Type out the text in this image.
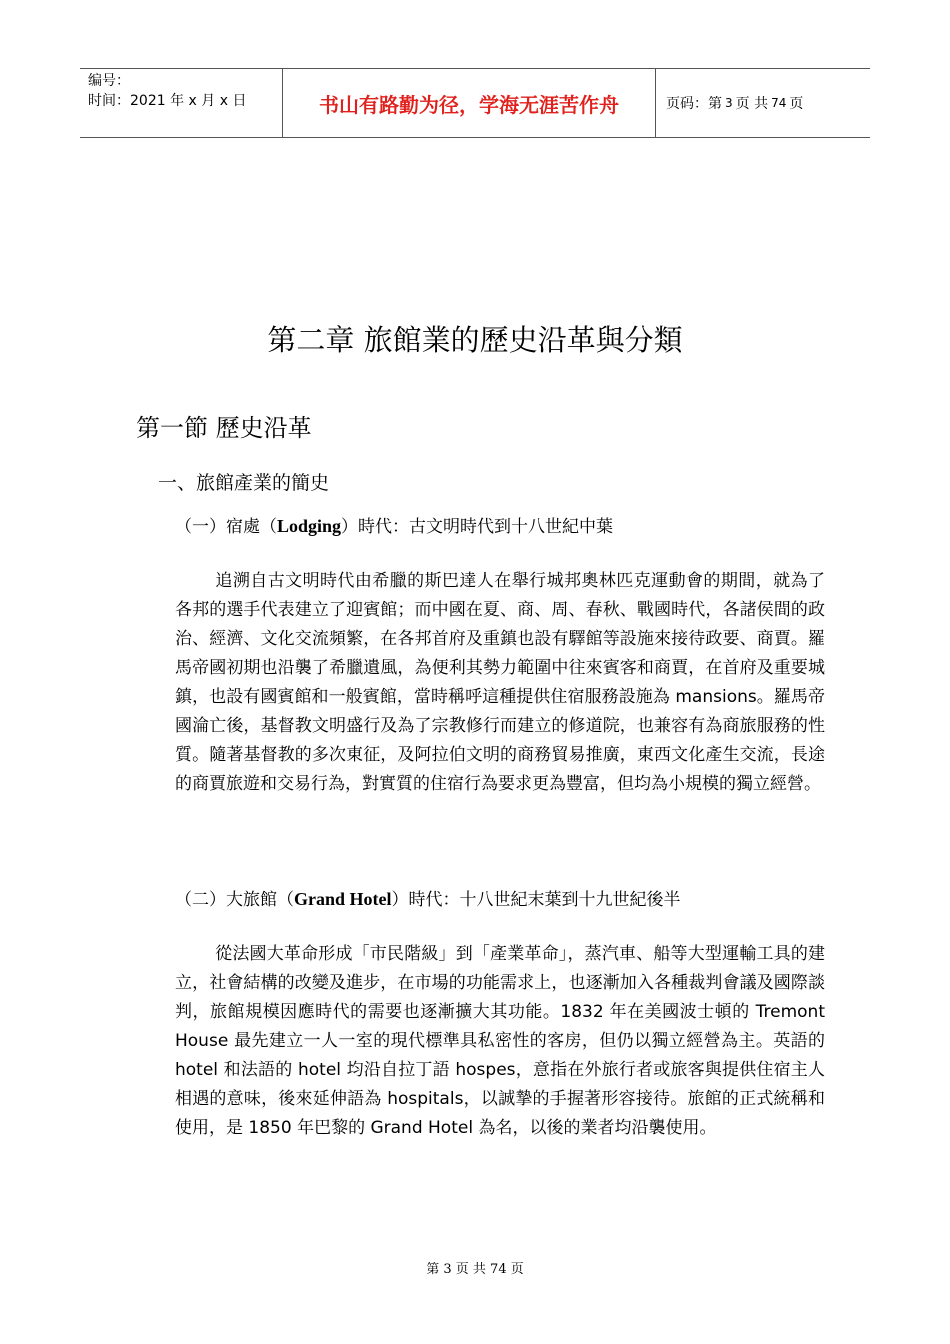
编号：
时间：2021 年 x 月 x 日	书山有路勤为径，学海无涯苦作舟	页码：第 3 页 共 74 页
第二章 旅館業的歷史沿革與分類
第一節 歷史沿革
一、旅館產業的簡史
（一）宿處（Lodging）時代：古文明時代到十八世紀中葉

追溯自古文明時代由希臘的斯巴達人在舉行城邦奧林匹克運動會的期間，就為了各邦的選手代表建立了迎賓館；而中國在夏、商、周、春秋、戰國時代，各諸侯間的政治、經濟、文化交流頻繁，在各邦首府及重鎮也設有驛館等設施來接待政要、商賈。羅馬帝國初期也沿襲了希臘遺風，為便利其勢力範圍中往來賓客和商賈，在首府及重要城鎮，也設有國賓館和一般賓館，當時稱呼這種提供住宿服務設施為 mansions。羅馬帝國淪亡後，基督教文明盛行及為了宗教修行而建立的修道院，也兼容有為商旅服務的性質。隨著基督教的多次東征，及阿拉伯文明的商務貿易推廣，東西文化產生交流，長途的商賈旅遊和交易行為，對實質的住宿行為要求更為豐富，但均為小規模的獨立經營。

（二）大旅館（Grand Hotel）時代：十八世紀末葉到十九世紀後半

從法國大革命形成「市民階級」到「產業革命」，蒸汽車、船等大型運輸工具的建立，社會結構的改變及進步，在市場的功能需求上，也逐漸加入各種裁判會議及國際談判，旅館規模因應時代的需要也逐漸擴大其功能。1832 年在美國波士頓的 Tremont House 最先建立一人一室的現代標準具私密性的客房，但仍以獨立經營為主。英語的 hotel 和法語的 hotel 均沿自拉丁語 hospes，意指在外旅行者或旅客與提供住宿主人相遇的意味，後來延伸語為 hospitals，以誠摯的手握著形容接待。旅館的正式統稱和使用，是 1850 年巴黎的 Grand Hotel 為名，以後的業者均沿襲使用。

第 3 页 共 74 页
